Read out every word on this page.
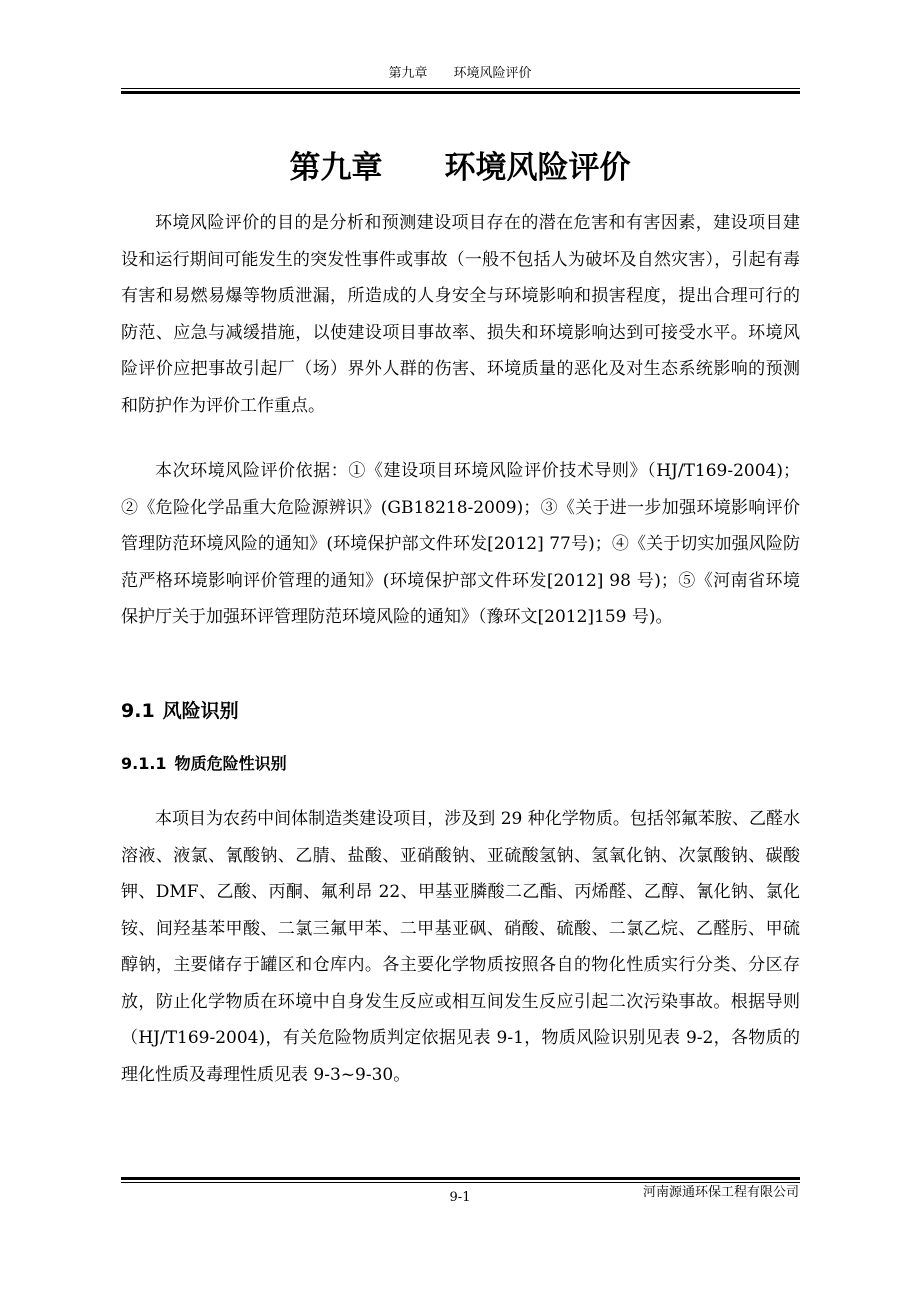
第九章　　环境风险评价
第九章　　环境风险评价

环境风险评价的目的是分析和预测建设项目存在的潜在危害和有害因素，建设项目建设和运行期间可能发生的突发性事件或事故（一般不包括人为破坏及自然灾害），引起有毒有害和易燃易爆等物质泄漏，所造成的人身安全与环境影响和损害程度，提出合理可行的防范、应急与减缓措施，以使建设项目事故率、损失和环境影响达到可接受水平。环境风险评价应把事故引起厂（场）界外人群的伤害、环境质量的恶化及对生态系统影响的预测和防护作为评价工作重点。

本次环境风险评价依据：①《建设项目环境风险评价技术导则》（HJ/T169-2004)；②《危险化学品重大危险源辨识》(GB18218-2009)；③《关于进一步加强环境影响评价管理防范环境风险的通知》(环境保护部文件环发[2012] 77号)；④《关于切实加强风险防范严格环境影响评价管理的通知》(环境保护部文件环发[2012] 98 号)；⑤《河南省环境保护厅关于加强环评管理防范环境风险的通知》（豫环文[2012]159 号)。

9.1 风险识别
9.1.1 物质危险性识别

本项目为农药中间体制造类建设项目，涉及到 29 种化学物质。包括邻氟苯胺、乙醛水溶液、液氯、氰酸钠、乙腈、盐酸、亚硝酸钠、亚硫酸氢钠、氢氧化钠、次氯酸钠、碳酸钾、DMF、乙酸、丙酮、氟利昂 22、甲基亚膦酸二乙酯、丙烯醛、乙醇、氰化钠、氯化铵、间羟基苯甲酸、二氯三氟甲苯、二甲基亚砜、硝酸、硫酸、二氯乙烷、乙醛肟、甲硫醇钠，主要储存于罐区和仓库内。各主要化学物质按照各自的物化性质实行分类、分区存放，防止化学物质在环境中自身发生反应或相互间发生反应引起二次污染事故。根据导则（HJ/T169-2004)，有关危险物质判定依据见表 9-1，物质风险识别见表 9-2，各物质的理化性质及毒理性质见表 9-3~9-30。

9-1	河南源通环保工程有限公司
